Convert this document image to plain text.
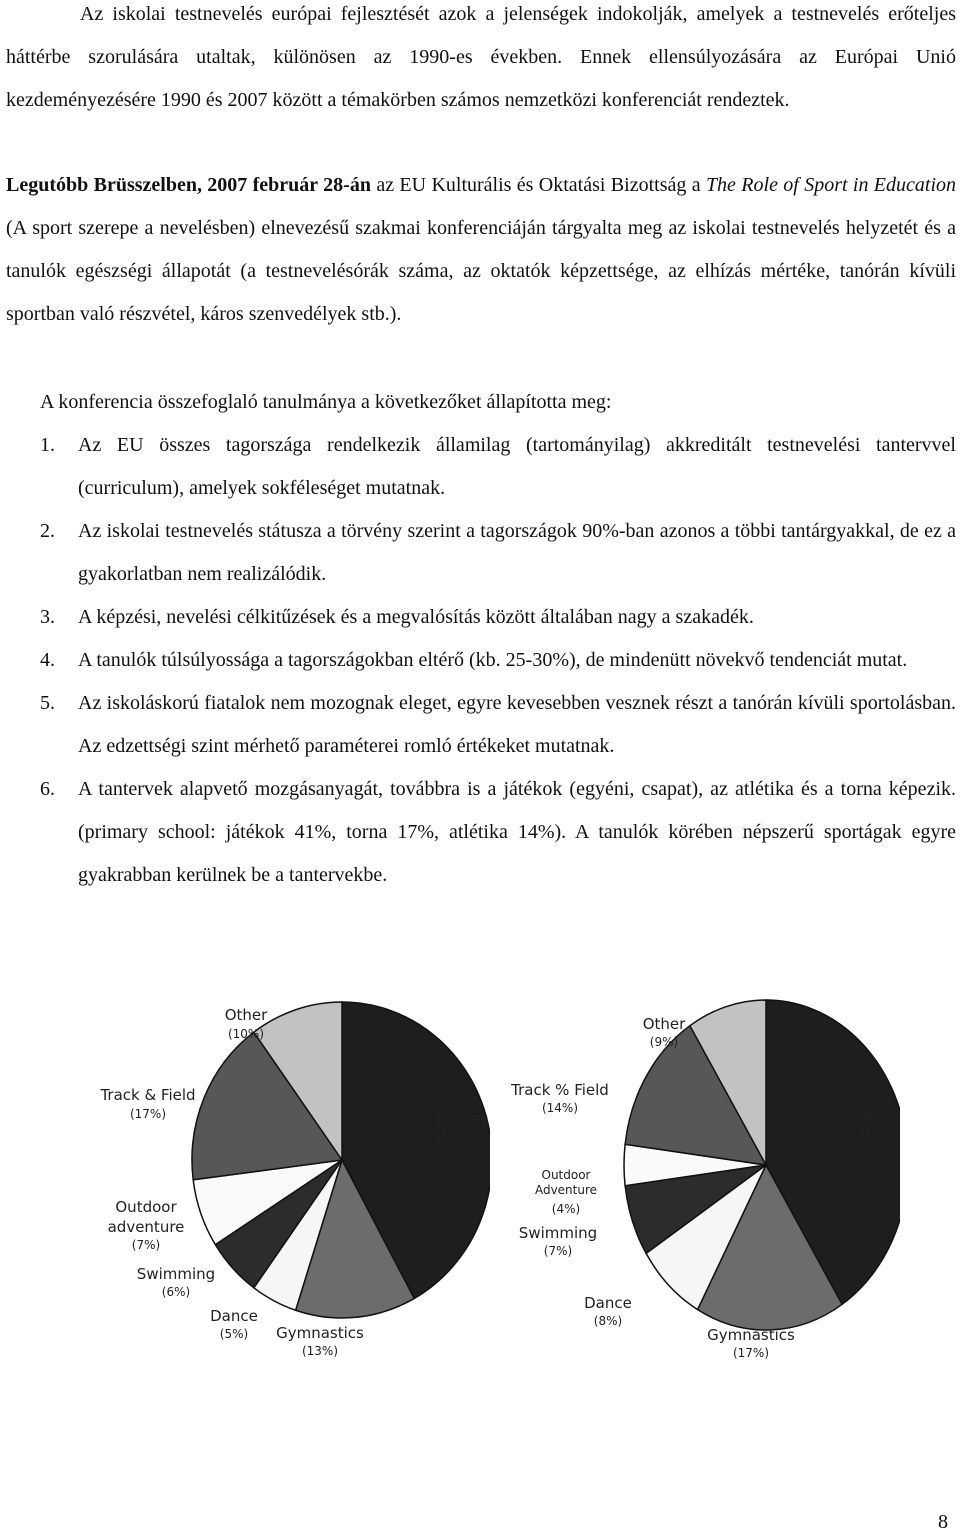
Az iskolai testnevelés európai fejlesztését azok a jelenségek indokolják, amelyek a testnevelés erőteljes háttérbe szorulására utaltak, különösen az 1990-es években. Ennek ellensúlyozására az Európai Unió kezdeményezésére 1990 és 2007 között a témakörben számos nemzetközi konferenciát rendeztek.

Legutóbb Brüsszelben, 2007 február 28-án az EU Kulturális és Oktatási Bizottság a The Role of Sport in Education (A sport szerepe a nevelésben) elnevezésű szakmai konferenciáján tárgyalta meg az iskolai testnevelés helyzetét és a tanulók egészségi állapotát (a testnevelésórák száma, az oktatók képzettsége, az elhízás mértéke, tanórán kívüli sportban való részvétel, káros szenvedélyek stb.).

A konferencia összefoglaló tanulmánya a következőket állapította meg:

1. Az EU összes tagországa rendelkezik államilag (tartományilag) akkreditált testnevelési tantervvel (curriculum), amelyek sokféleséget mutatnak.
2. Az iskolai testnevelés státusza a törvény szerint a tagországok 90%-ban azonos a többi tantárgyakkal, de ez a gyakorlatban nem realizálódik.
3. A képzési, nevelési célkitűzések és a megvalósítás között általában nagy a szakadék.
4. A tanulók túlsúlyossága a tagországokban eltérő (kb. 25-30%), de mindenütt növekvő tendenciát mutat.
5. Az iskoláskorú fiatalok nem mozognak eleget, egyre kevesebben vesznek részt a tanórán kívüli sportolásban. Az edzettségi szint mérhető paraméterei romló értékeket mutatnak.
6. A tantervek alapvető mozgásanyagát, továbbra is a játékok (egyéni, csapat), az atlétika és a torna képezik. (primary school: játékok 41%, torna 17%, atlétika 14%). A tanulók körében népszerű sportágak egyre gyakrabban kerülnek be a tantervekbe.
Games
(42%)
Gymnastics
(13%)
Dance
(5%)
Swimming
(6%)
Outdoor adventure
(7%)
Track & Field
(17%)
Other
(10%)
Games
(41%)
Gymnastics
(17%)
Dance
(8%)
Swimming
(7%)
Outdoor Adventure
(4%)
Track % Field
(14%)
Other
(9%)
8
